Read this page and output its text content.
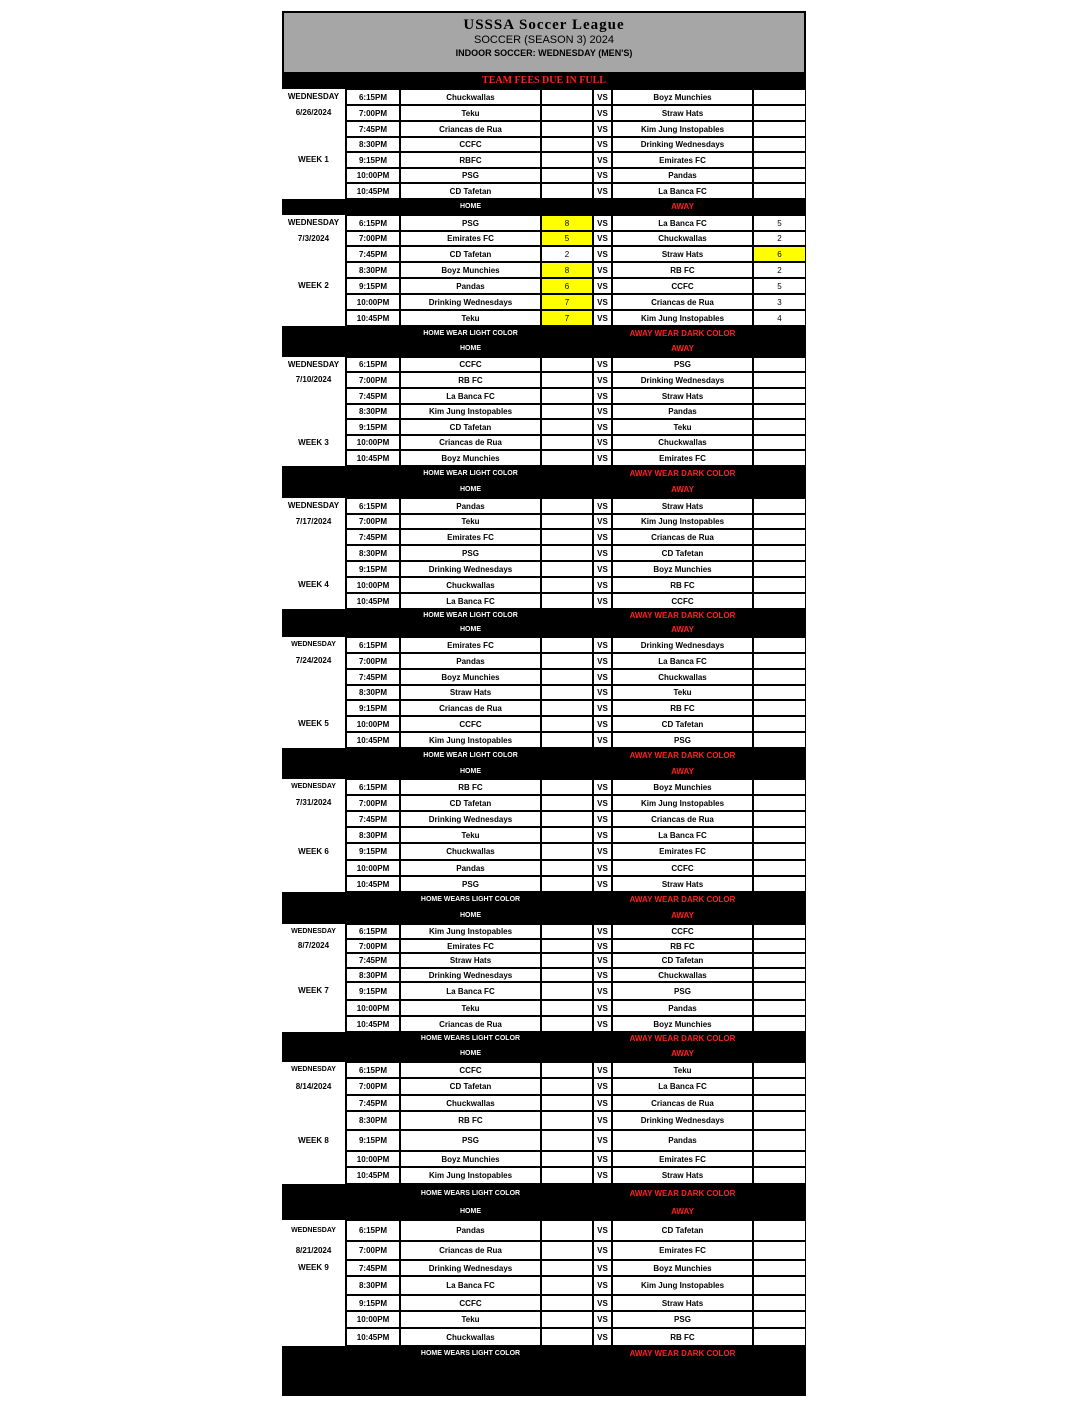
USSSA Soccer League
SOCCER (SEASON 3) 2024
INDOOR SOCCER: WEDNESDAY (MEN'S)
TEAM FEES DUE IN FULL
WEDNESDAY
6/26/2024
WEEK 1
6:15PM	Chuckwallas	VS	Boyz Munchies
7:00PM	Teku	VS	Straw Hats
7:45PM	Criancas de Rua	VS	Kim Jung Instopables
8:30PM	CCFC	VS	Drinking Wednesdays
9:15PM	RBFC	VS	Emirates FC
10:00PM	PSG	VS	Pandas
10:45PM	CD Tafetan	VS	La Banca FC
HOME	AWAY
HOME WEAR LIGHT COLOR	AWAY WEAR DARK COLOR
WEDNESDAY
7/3/2024
WEEK 2
6:15PM	PSG	8	VS	La Banca FC	5
7:00PM	Emirates FC	5	VS	Chuckwallas	2
7:45PM	CD Tafetan	2	VS	Straw Hats	6
8:30PM	Boyz Munchies	8	VS	RB FC	2
9:15PM	Pandas	6	VS	CCFC	5
10:00PM	Drinking Wednesdays	7	VS	Criancas de Rua	3
10:45PM	Teku	7	VS	Kim Jung Instopables	4
HOME	AWAY
HOME WEAR LIGHT COLOR	AWAY WEAR DARK COLOR
WEDNESDAY
7/10/2024
WEEK 3
6:15PM	CCFC	VS	PSG
7:00PM	RB FC	VS	Drinking Wednesdays
7:45PM	La Banca FC	VS	Straw Hats
8:30PM	Kim Jung Instopables	VS	Pandas
9:15PM	CD Tafetan	VS	Teku
10:00PM	Criancas de Rua	VS	Chuckwallas
10:45PM	Boyz Munchies	VS	Emirates FC
HOME	AWAY
HOME WEAR LIGHT COLOR	AWAY WEAR DARK COLOR
WEDNESDAY
7/17/2024
WEEK 4
6:15PM	Pandas	VS	Straw Hats
7:00PM	Teku	VS	Kim Jung Instopables
7:45PM	Emirates FC	VS	Criancas de Rua
8:30PM	PSG	VS	CD Tafetan
9:15PM	Drinking Wednesdays	VS	Boyz Munchies
10:00PM	Chuckwallas	VS	RB FC
10:45PM	La Banca FC	VS	CCFC
HOME	AWAY
HOME WEAR LIGHT COLOR	AWAY WEAR DARK COLOR
WEDNESDAY
7/24/2024
WEEK 5
6:15PM	Emirates FC	VS	Drinking Wednesdays
7:00PM	Pandas	VS	La Banca FC
7:45PM	Boyz Munchies	VS	Chuckwallas
8:30PM	Straw Hats	VS	Teku
9:15PM	Criancas de Rua	VS	RB FC
10:00PM	CCFC	VS	CD Tafetan
10:45PM	Kim Jung Instopables	VS	PSG
HOME	AWAY
HOME WEARS LIGHT COLOR	AWAY WEAR DARK COLOR
WEDNESDAY
7/31/2024
WEEK 6
6:15PM	RB FC	VS	Boyz Munchies
7:00PM	CD Tafetan	VS	Kim Jung Instopables
7:45PM	Drinking Wednesdays	VS	Criancas de Rua
8:30PM	Teku	VS	La Banca FC
9:15PM	Chuckwallas	VS	Emirates FC
10:00PM	Pandas	VS	CCFC
10:45PM	PSG	VS	Straw Hats
HOME	AWAY
HOME WEARS LIGHT COLOR	AWAY WEAR DARK COLOR
WEDNESDAY
8/7/2024
WEEK 7
6:15PM	Kim Jung Instopables	VS	CCFC
7:00PM	Emirates FC	VS	RB FC
7:45PM	Straw Hats	VS	CD Tafetan
8:30PM	Drinking Wednesdays	VS	Chuckwallas
9:15PM	La Banca FC	VS	PSG
10:00PM	Teku	VS	Pandas
10:45PM	Criancas de Rua	VS	Boyz Munchies
HOME	AWAY
HOME WEARS LIGHT COLOR	AWAY WEAR DARK COLOR
WEDNESDAY
8/14/2024
WEEK 8
6:15PM	CCFC	VS	Teku
7:00PM	CD Tafetan	VS	La Banca FC
7:45PM	Chuckwallas	VS	Criancas de Rua
8:30PM	RB FC	VS	Drinking Wednesdays
9:15PM	PSG	VS	Pandas
10:00PM	Boyz Munchies	VS	Emirates FC
10:45PM	Kim Jung Instopables	VS	Straw Hats
HOME	AWAY
HOME WEARS LIGHT COLOR	AWAY WEAR DARK COLOR
WEDNESDAY
8/21/2024
WEEK 9
6:15PM	Pandas	VS	CD Tafetan
7:00PM	Criancas de Rua	VS	Emirates FC
7:45PM	Drinking Wednesdays	VS	Boyz Munchies
8:30PM	La Banca FC	VS	Kim Jung Instopables
9:15PM	CCFC	VS	Straw Hats
10:00PM	Teku	VS	PSG
10:45PM	Chuckwallas	VS	RB FC
